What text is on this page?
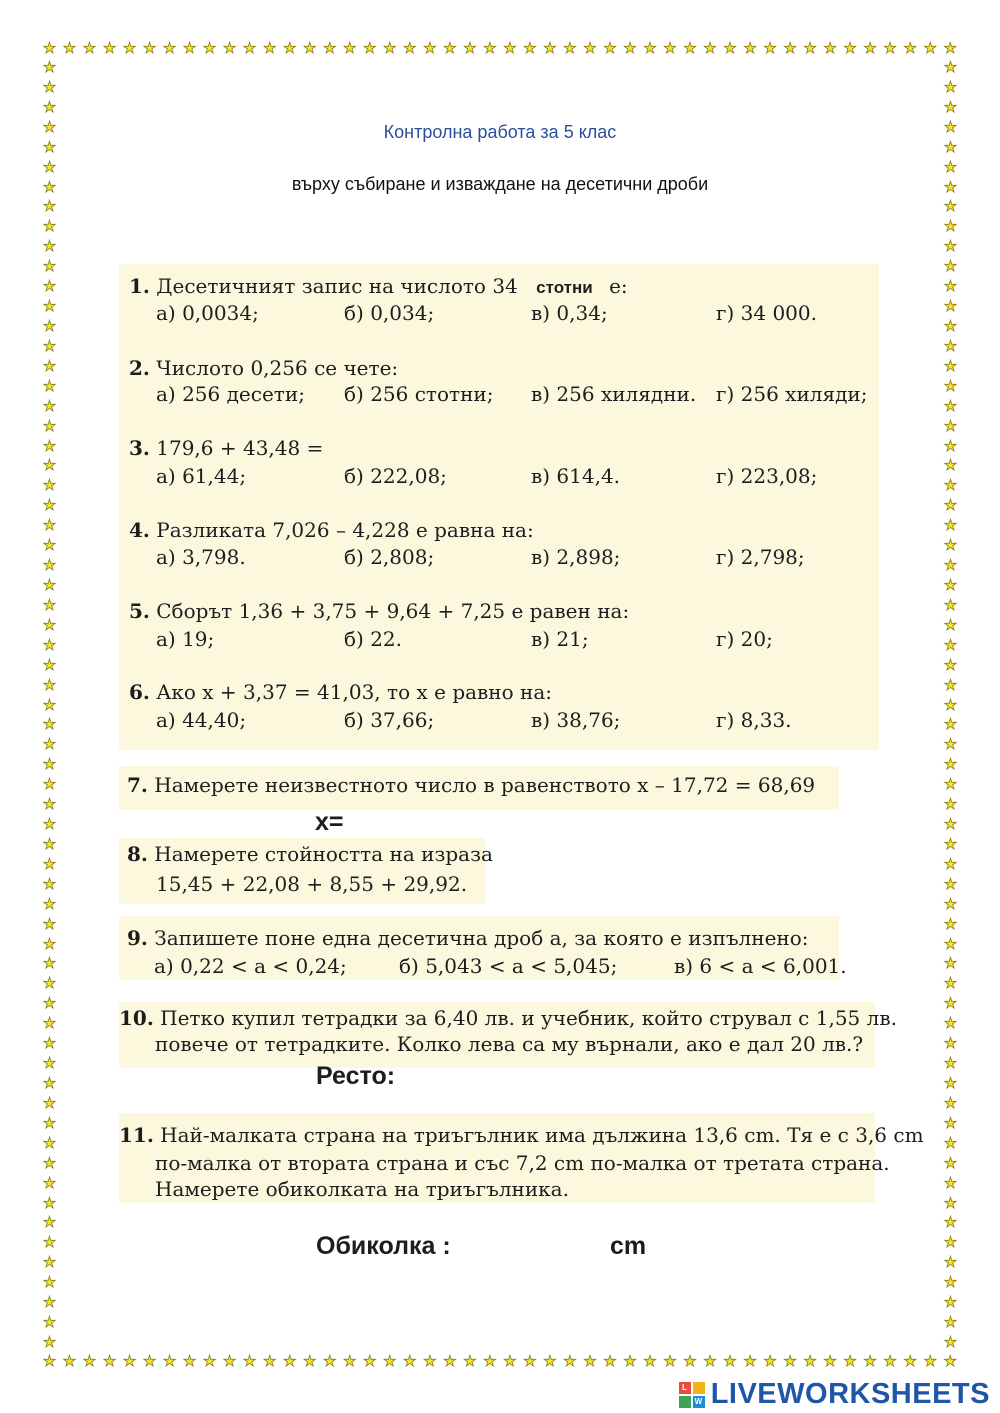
★ ★ ★ ★ ★ ★ ★ ★ ★ ★ ★ ★ ★ ★ ★ ★ ★ ★ ★ ★ ★ ★ ★ ★ ★ ★ ★ ★ ★ ★ ★ ★ ★ ★ ★ ★ ★ ★ ★ ★ ★ ★ ★ ★ ★ ★
★ ★ ★ ★ ★ ★ ★ ★ ★ ★ ★ ★ ★ ★ ★ ★ ★ ★ ★ ★ ★ ★ ★ ★ ★ ★ ★ ★ ★ ★ ★ ★ ★ ★ ★ ★ ★ ★ ★ ★ ★ ★ ★ ★ ★ ★
★
★
★
★
★
★
★
★
★
★
★
★
★
★
★
★
★
★
★
★
★
★
★
★
★
★
★
★
★
★
★
★
★
★
★
★
★
★
★
★
★
★
★
★
★
★
★
★
★
★
★
★
★
★
★
★
★
★
★
★
★
★
★
★
★
★
★
★
★
★
★
★
★
★
★
★
★
★
★
★
★
★
★
★
★
★
★
★
★
★
★
★
★
★
★
★
★
★
★
★
★
★
★
★
★
★
★
★
★
★
★
★
★
★
★
★
★
★
★
★
★
★
★
★
★
★
★
★
★
★
Контролна работа за 5 клас
върху събиране и изваждане на десетични дроби
1. Десетичният запис на числото 34 стотни е:
а) 0,0034;	б) 0,034;	в) 0,34;	г) 34 000.
2. Числото 0,256 се чете:
а) 256 десети; б) 256 стотни; в) 256 хилядни. г) 256 хиляди;
3. 179,6 + 43,48 =
а) 61,44;	б) 222,08;	в) 614,4.	г) 223,08;
4. Разликата 7,026 – 4,228 е равна на:
а) 3,798.	б) 2,808;	в) 2,898;	г) 2,798;
5. Сборът 1,36 + 3,75 + 9,64 + 7,25 е равен на:
а) 19;	б) 22.	в) 21;	г) 20;
6. Ако x + 3,37 = 41,03, то x е равно на:
а) 44,40;	б) 37,66;	в) 38,76;	г) 8,33.
7. Намерете неизвестното число в равенството x – 17,72 = 68,69
x=
8. Намерете стойността на израза
15,45 + 22,08 + 8,55 + 29,92.
9. Запишете поне една десетична дроб a, за която е изпълнено:
а) 0,22 < a < 0,24;	б) 5,043 < a < 5,045;	в) 6 < a < 6,001.
10. Петко купил тетрадки за 6,40 лв. и учебник, който струвал с 1,55 лв.
повече от тетрадките. Колко лева са му върнали, ако е дал 20 лв.?
Ресто:
11. Най-малката страна на триъгълник има дължина 13,6 cm. Тя е с 3,6 cm
по-малка от втората страна и със 7,2 cm по-малка от третата страна.
Намерете обиколката на триъгълника.
Обиколка :	cm
L
W LIVEWORKSHEETS
